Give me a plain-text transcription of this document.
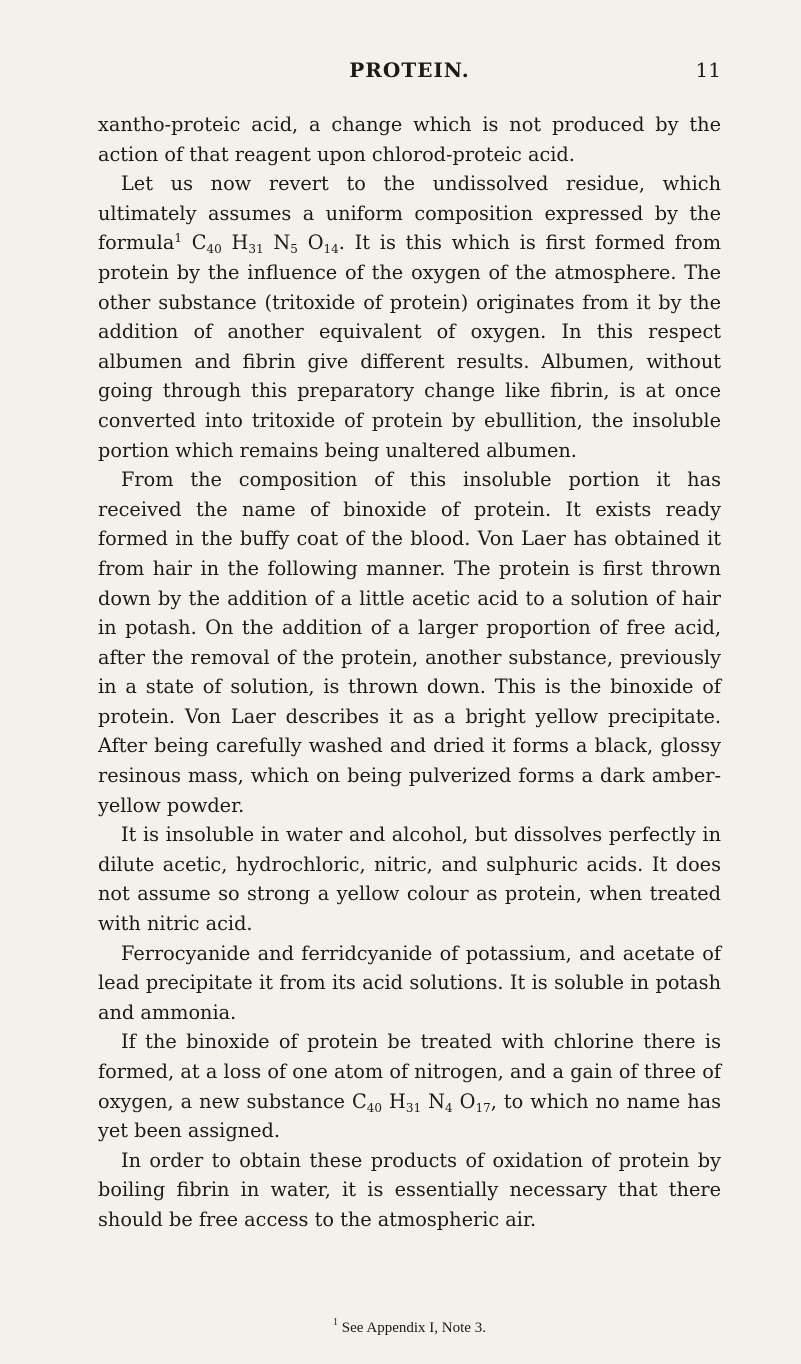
PROTEIN.	11

xantho-proteic acid, a change which is not produced by the action of that reagent upon chlorod-proteic acid.

Let us now revert to the undissolved residue, which ultimately assumes a uniform composition expressed by the formula$^1$ $C_{40}$ $H_{31}$ $N_5$ $O_{14}$. It is this which is first formed from protein by the influence of the oxygen of the atmosphere. The other substance (tritoxide of protein) originates from it by the addition of another equivalent of oxygen. In this respect albumen and fibrin give different results. Albumen, without going through this preparatory change like fibrin, is at once converted into tritoxide of protein by ebullition, the insoluble portion which remains being unaltered albumen.

From the composition of this insoluble portion it has received the name of binoxide of protein. It exists ready formed in the buffy coat of the blood. Von Laer has obtained it from hair in the following manner. The protein is first thrown down by the addition of a little acetic acid to a solution of hair in potash. On the addition of a larger proportion of free acid, after the removal of the protein, another substance, previously in a state of solution, is thrown down. This is the binoxide of protein. Von Laer describes it as a bright yellow precipitate. After being carefully washed and dried it forms a black, glossy resinous mass, which on being pulverized forms a dark amber-yellow powder.

It is insoluble in water and alcohol, but dissolves perfectly in dilute acetic, hydrochloric, nitric, and sulphuric acids. It does not assume so strong a yellow colour as protein, when treated with nitric acid.

Ferrocyanide and ferridcyanide of potassium, and acetate of lead precipitate it from its acid solutions. It is soluble in potash and ammonia.

If the binoxide of protein be treated with chlorine there is formed, at a loss of one atom of nitrogen, and a gain of three of oxygen, a new substance $C_{40}$ $H_{31}$ $N_4$ $O_{17}$, to which no name has yet been assigned.

In order to obtain these products of oxidation of protein by boiling fibrin in water, it is essentially necessary that there should be free access to the atmospheric air.

$^1$ See Appendix I, Note 3.
